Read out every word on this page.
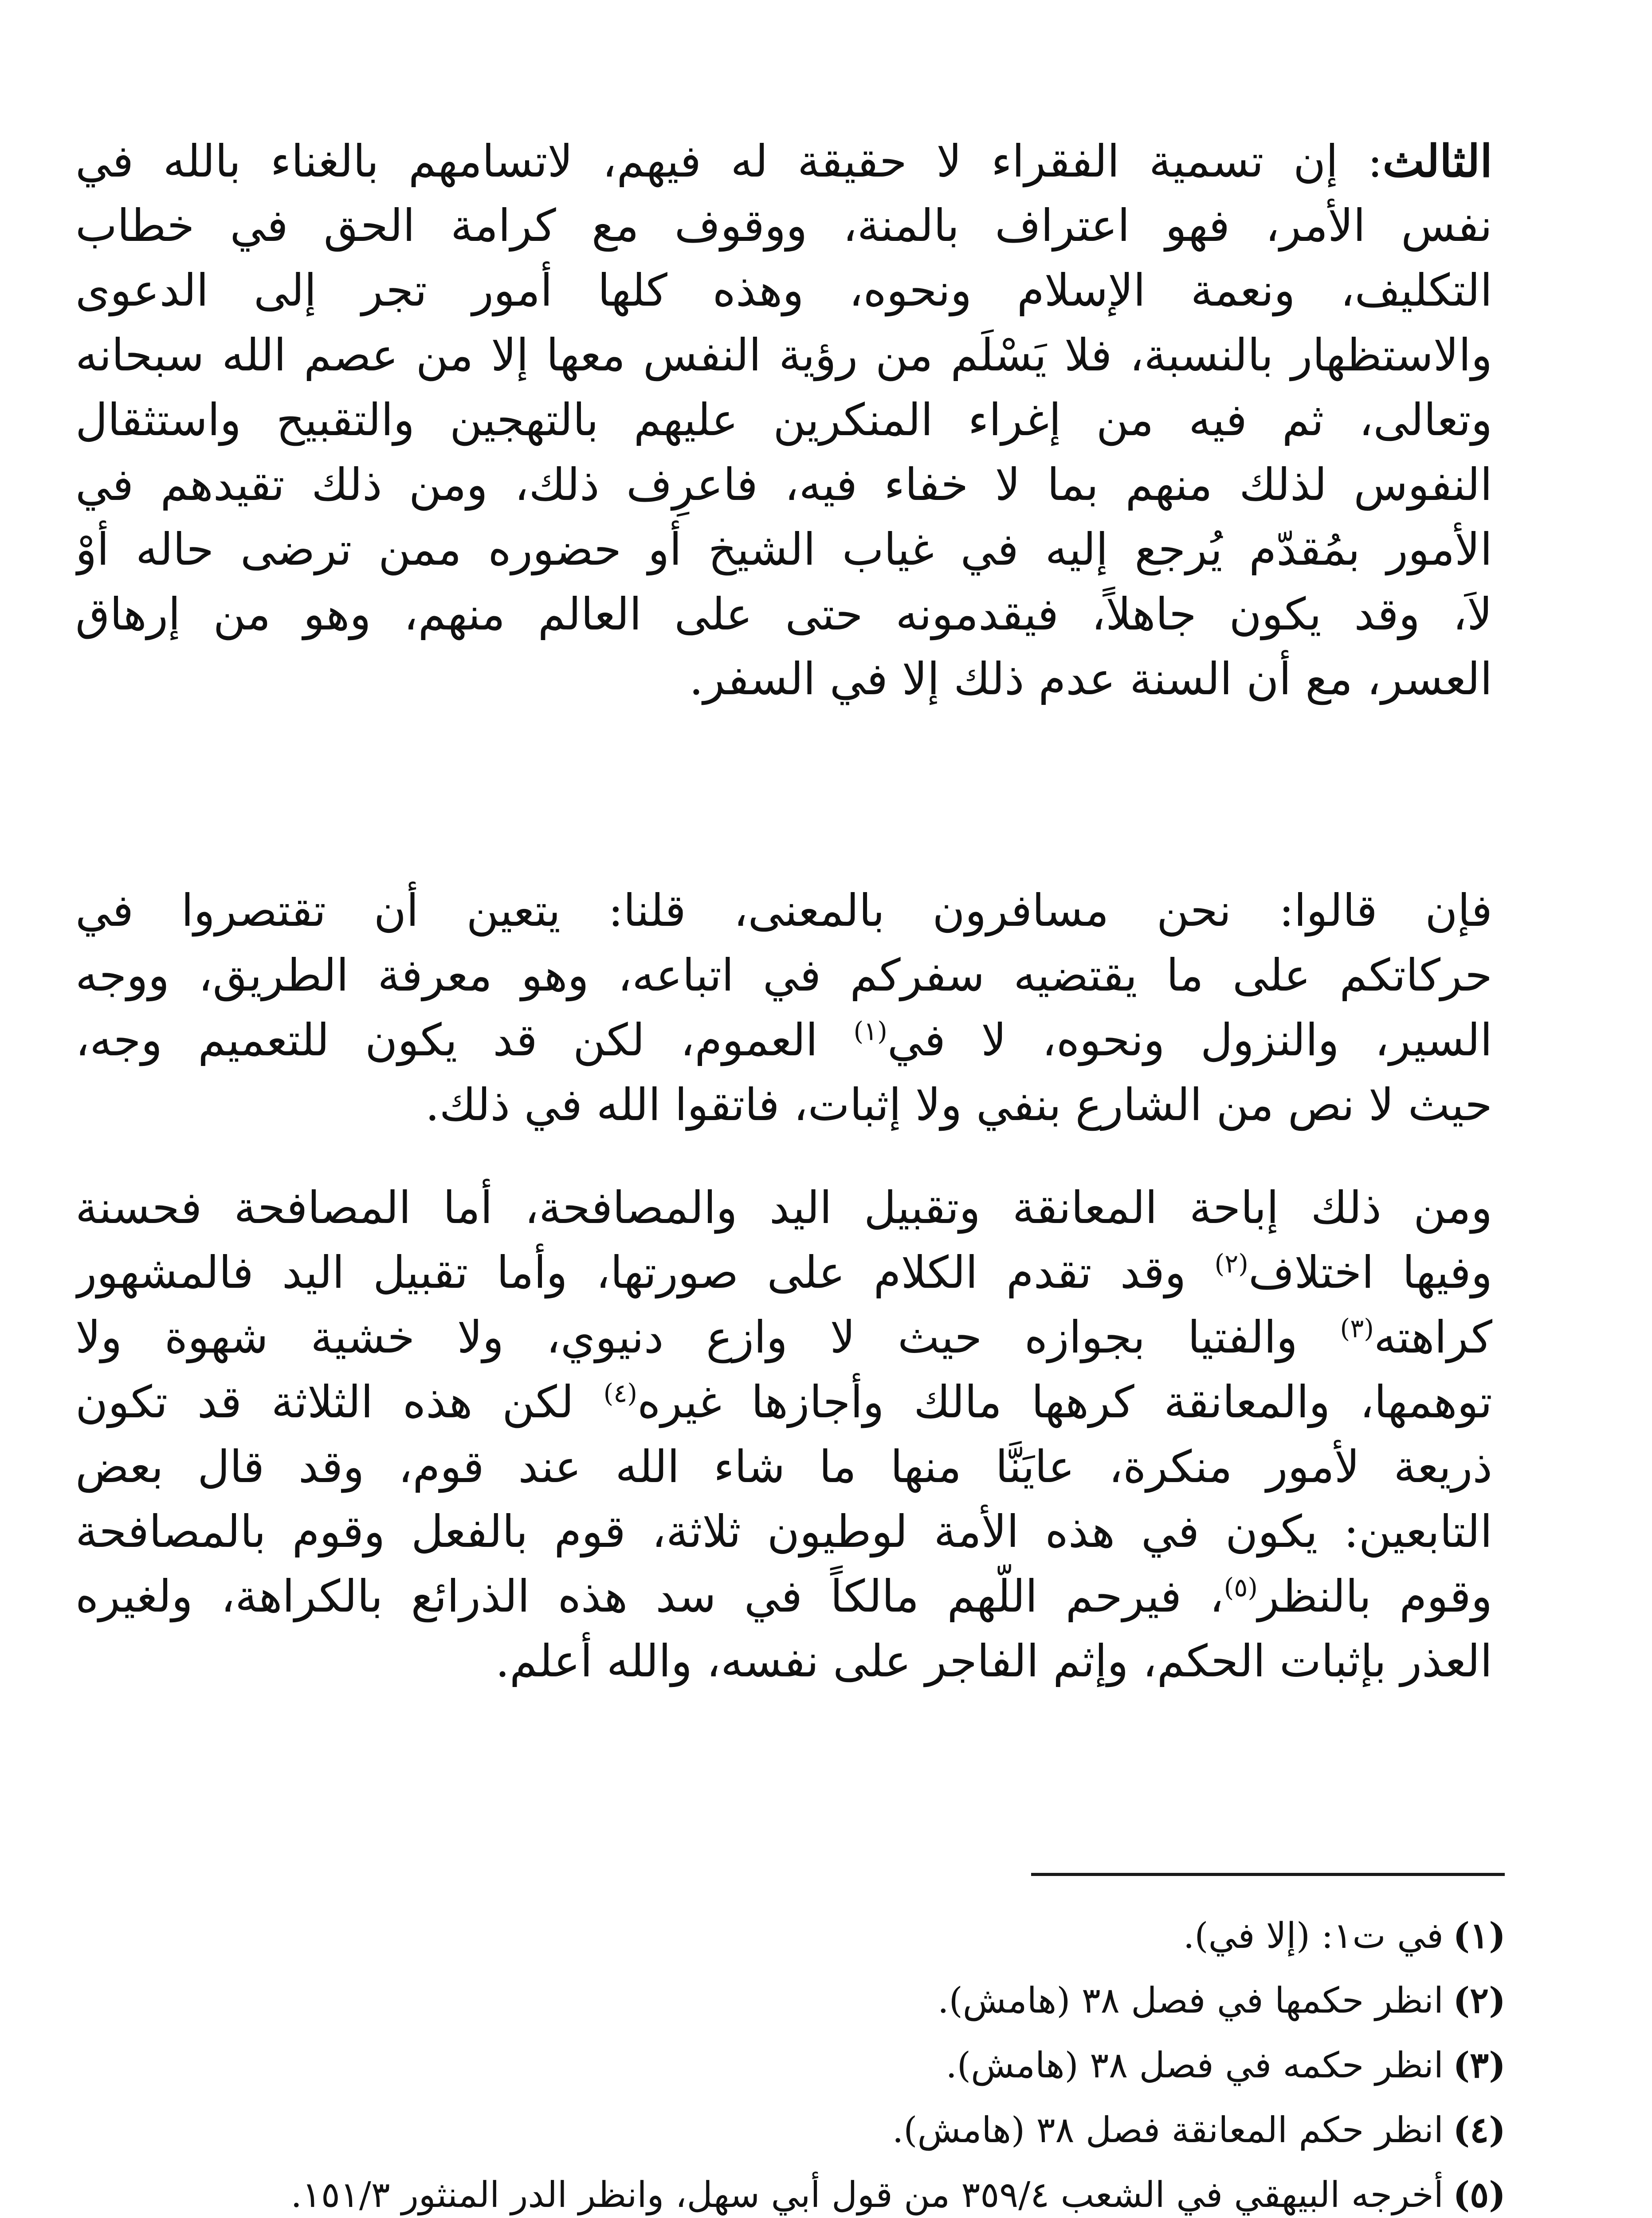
الثالث: إن تسمية الفقراء لا حقيقة له فيهم، لاتسامهم بالغناء بالله في
نفس الأمر، فهو اعتراف بالمنة، ووقوف مع كرامة الحق في خطاب
التكليف، ونعمة الإسلام ونحوه، وهذه كلها أمور تجر إلى الدعوى
والاستظهار بالنسبة، فلا يَسْلَم من رؤية النفس معها إلا من عصم الله سبحانه
وتعالى، ثم فيه من إغراء المنكرين عليهم بالتهجين والتقبيح واستثقال
النفوس لذلك منهم بما لا خفاء فيه، فاعرِف ذلك، ومن ذلك تقيدهم في
الأمور بمُقدّم يُرجع إليه في غياب الشيخ أو حضوره ممن ترضى حاله أوْ
لاَ، وقد يكون جاهلاً، فيقدمونه حتى على العالم منهم، وهو من إرهاق
العسر، مع أن السنة عدم ذلك إلا في السفر.
فإن قالوا: نحن مسافرون بالمعنى، قلنا: يتعين أن تقتصروا في
حركاتكم على ما يقتضيه سفركم في اتباعه، وهو معرفة الطريق، ووجه
السير، والنزول ونحوه، لا في$^{(١)}$ العموم، لكن قد يكون للتعميم وجه،
حيث لا نص من الشارع بنفي ولا إثبات، فاتقوا الله في ذلك.
ومن ذلك إباحة المعانقة وتقبيل اليد والمصافحة، أما المصافحة فحسنة
وفيها اختلاف$^{(٢)}$ وقد تقدم الكلام على صورتها، وأما تقبيل اليد فالمشهور
كراهته$^{(٣)}$ والفتيا بجوازه حيث لا وازع دنيوي، ولا خشية شهوة ولا
توهمها، والمعانقة كرهها مالك وأجازها غيره$^{(٤)}$ لكن هذه الثلاثة قد تكون
ذريعة لأمور منكرة، عايَنَّا منها ما شاء الله عند قوم، وقد قال بعض
التابعين: يكون في هذه الأمة لوطيون ثلاثة، قوم بالفعل وقوم بالمصافحة
وقوم بالنظر$^{(٥)}$، فيرحم اللّهم مالكاً في سد هذه الذرائع بالكراهة، ولغيره
العذر بإثبات الحكم، وإثم الفاجر على نفسه، والله أعلم.
(١)
في ت١: (إلا في).
(٢)
انظر حكمها في فصل ٣٨ (هامش).
(٣)
انظر حكمه في فصل ٣٨ (هامش).
(٤)
انظر حكم المعانقة فصل ٣٨ (هامش).
(٥)
أخرجه البيهقي في الشعب ٣٥٩/٤ من قول أبي سهل، وانظر الدر المنثور ١٥١/٣.
